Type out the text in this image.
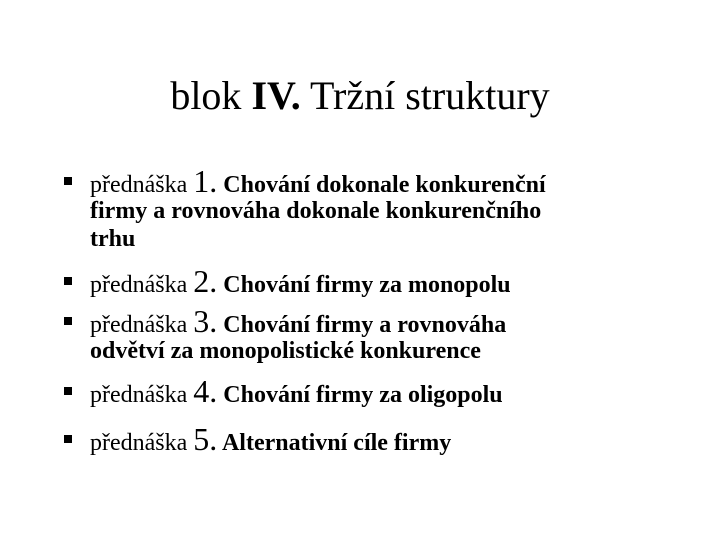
blok IV. Tržní struktury
přednáška 1. Chování dokonale konkurenční
firmy a rovnováha dokonale konkurenčního
trhu
přednáška 2. Chování firmy za monopolu
přednáška 3. Chování firmy a rovnováha
odvětví za monopolistické konkurence
přednáška 4. Chování firmy za oligopolu
přednáška 5. Alternativní cíle firmy
